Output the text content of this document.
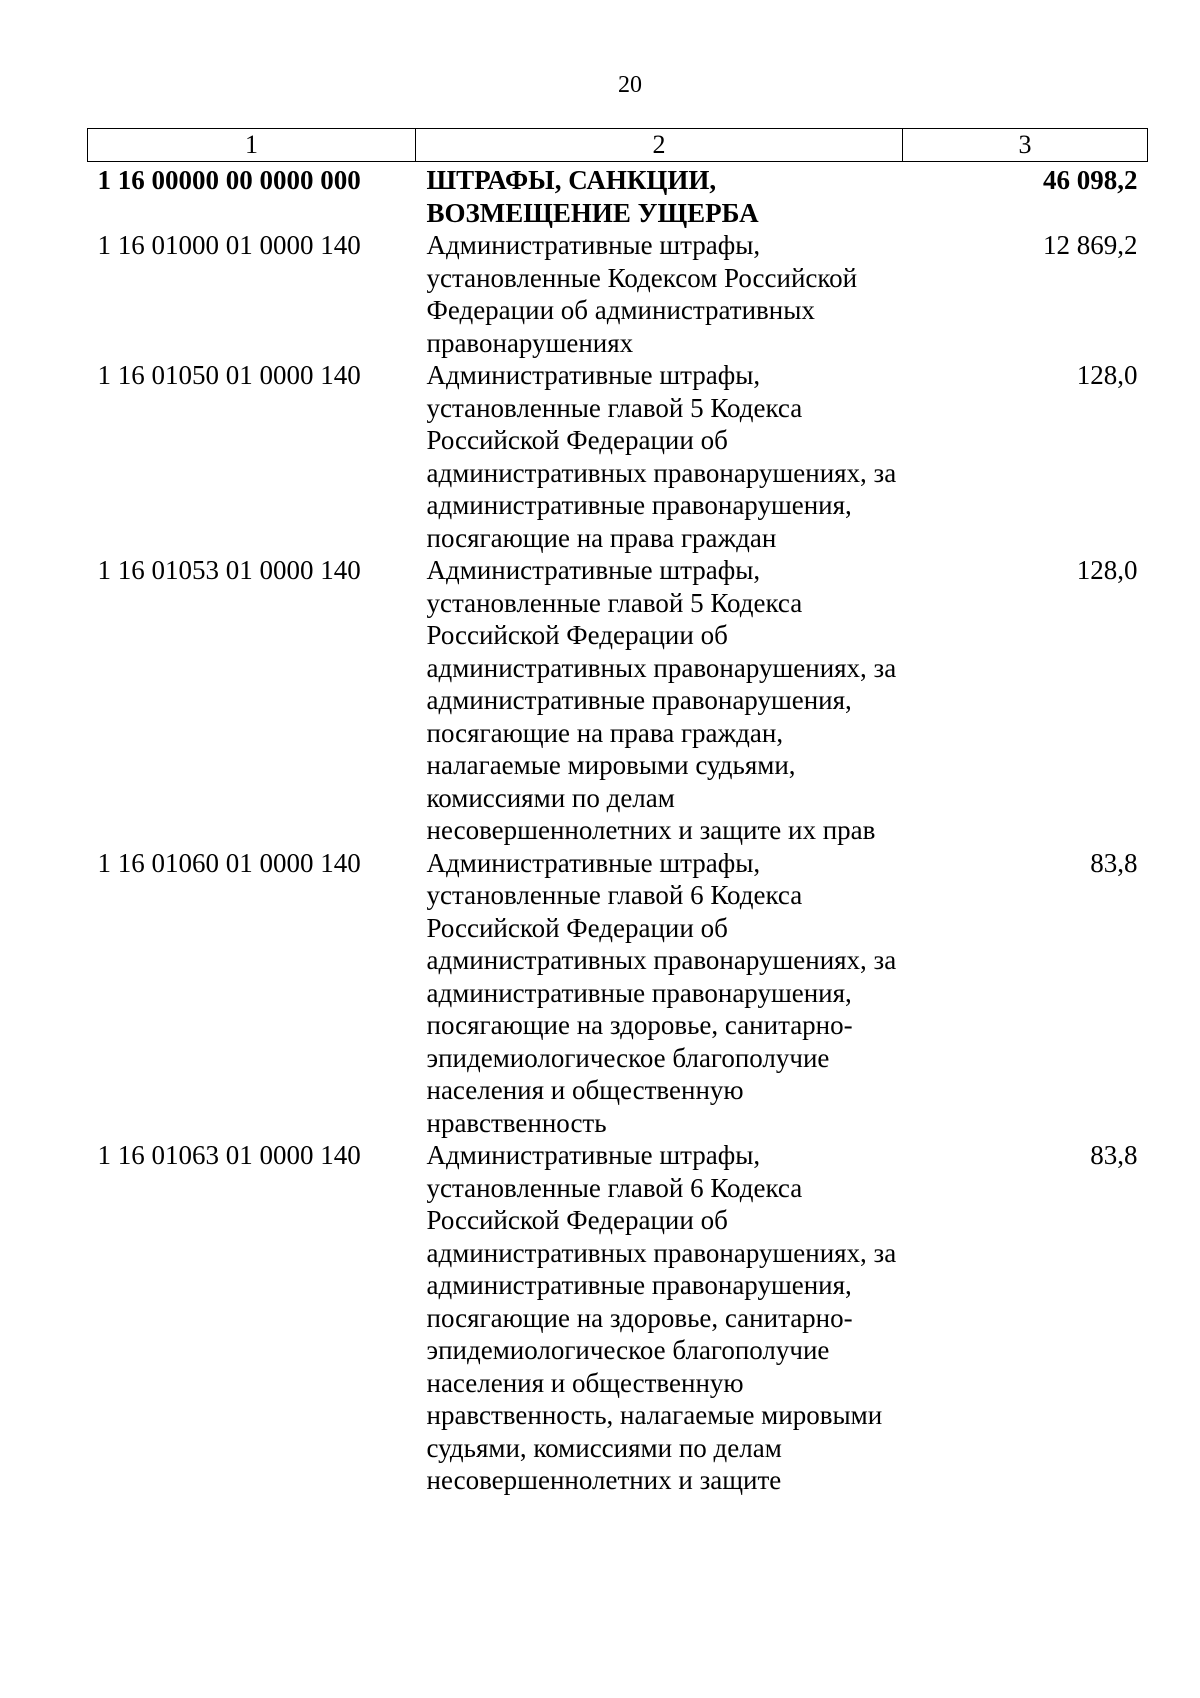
20
1	2	3
1 16 00000 00 0000 000	ШТРАФЫ, САНКЦИИ, ВОЗМЕЩЕНИЕ УЩЕРБА	46 098,2
1 16 01000 01 0000 140	Административные штрафы, установленные Кодексом Российской Федерации об административных правонарушениях	12 869,2
1 16 01050 01 0000 140	Административные штрафы, установленные главой 5 Кодекса Российской Федерации об административных правонарушениях, за административные правонарушения, посягающие на права граждан	128,0
1 16 01053 01 0000 140	Административные штрафы, установленные главой 5 Кодекса Российской Федерации об административных правонарушениях, за административные правонарушения, посягающие на права граждан, налагаемые мировыми судьями, комиссиями по делам несовершеннолетних и защите их прав	128,0
1 16 01060 01 0000 140	Административные штрафы, установленные главой 6 Кодекса Российской Федерации об административных правонарушениях, за административные правонарушения, посягающие на здоровье, санитарно-эпидемиологическое благополучие населения и общественную нравственность	83,8
1 16 01063 01 0000 140	Административные штрафы, установленные главой 6 Кодекса Российской Федерации об административных правонарушениях, за административные правонарушения, посягающие на здоровье, санитарно-эпидемиологическое благополучие населения и общественную нравственность, налагаемые мировыми судьями, комиссиями по делам несовершеннолетних и защите	83,8
